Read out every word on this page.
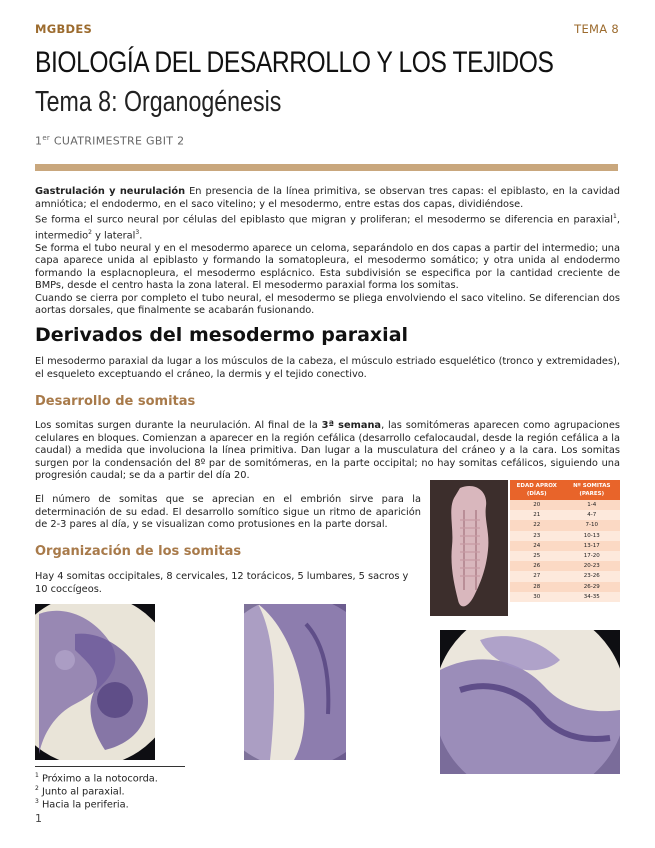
MGBDES	TEMA 8
BIOLOGÍA DEL DESARROLLO Y LOS TEJIDOS
Tema 8: Organogénesis
1er CUATRIMESTRE GBIT 2
Gastrulación y neurulación En presencia de la línea primitiva, se observan tres capas: el epiblasto, en la cavidad amniótica; el endodermo, en el saco vitelino; y el mesodermo, entre estas dos capas, dividiéndose.
Se forma el surco neural por células del epiblasto que migran y proliferan; el mesodermo se diferencia en paraxial$^1$, intermedio$^2$ y lateral$^3$.
Se forma el tubo neural y en el mesodermo aparece un celoma, separándolo en dos capas a partir del intermedio; una capa aparece unida al epiblasto y formando la somatopleura, el mesodermo somático; y otra unida al endodermo formando la esplacnopleura, el mesodermo esplácnico. Esta subdivisión se especifica por la cantidad creciente de BMPs, desde el centro hasta la zona lateral. El mesodermo paraxial forma los somitas.
Cuando se cierra por completo el tubo neural, el mesodermo se pliega envolviendo el saco vitelino. Se diferencian dos aortas dorsales, que finalmente se acabarán fusionando.
Derivados del mesodermo paraxial
El mesodermo paraxial da lugar a los músculos de la cabeza, el músculo estriado esquelético (tronco y extremidades), el esqueleto exceptuando el cráneo, la dermis y el tejido conectivo.
Desarrollo de somitas
Los somitas surgen durante la neurulación. Al final de la 3ª semana, las somitómeras aparecen como agrupaciones celulares en bloques. Comienzan a aparecer en la región cefálica (desarrollo cefalocaudal, desde la región cefálica a la caudal) a medida que involuciona la línea primitiva. Dan lugar a la musculatura del cráneo y a la cara. Los somitas surgen por la condensación del 8º par de somitómeras, en la parte occipital; no hay somitas cefálicos, siguiendo una progresión caudal; se da a partir del día 20.
El número de somitas que se aprecian en el embrión sirve para la determinación de su edad. El desarrollo somítico sigue un ritmo de aparición de 2-3 pares al día, y se visualizan como protusiones en la parte dorsal.
Organización de los somitas
Hay 4 somitas occipitales, 8 cervicales, 12 torácicos, 5 lumbares, 5 sacros y 10 coccígeos.
EDAD APROX (DÍAS)	Nº SOMITAS (PARES)
20	1-4
21	4-7
22	7-10
23	10-13
24	13-17
25	17-20
26	20-23
27	23-26
28	26-29
30	34-35
$^1$ Próximo a la notocorda.
$^2$ Junto al paraxial.
$^3$ Hacia la periferia.
1
